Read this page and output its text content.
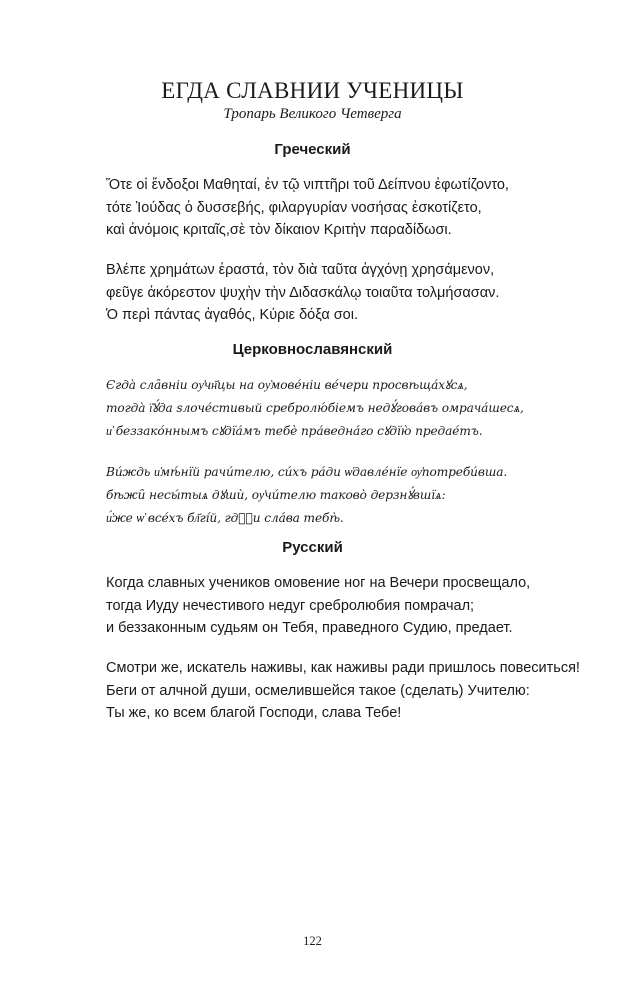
ЕГДА СЛАВНИИ УЧЕНИЦЫ
Тропарь Великого Четверга
Греческий
Ὅτε οἱ ἔνδοξοι Μαθηταί, ἐν τῷ νιπτῆρι τοῦ Δείπνου ἐφωτίζοντο,
τότε Ἰούδας ὁ δυσσεβής, φιλαργυρίαν νοσήσας ἐσκοτίζετο,
καὶ ἀνόμοις κριταῖς,σὲ τὸν δίκαιον Κριτὴν παραδίδωσι.
Βλέπε χρημάτων ἐραστά, τὸν διὰ ταῦτα ἀγχόνῃ χρησάμενον,
φεῦγε ἀκόρεστον ψυχὴν τὴν Διδασκάλῳ τοιαῦτα τολμήσασαν.
Ὁ περὶ πάντας ἀγαθός, Κύριε δόξα σοι.
Церковнославянский
Єгда̀ сла̑вніи оу҆чн҃цы на оу҆мове́ніи ве́чери просвѣща́хꙋсѧ,
тогда̀ ї҆ꙋ́да ѕлоче́стивый сребролю́біемъ недꙋ́гова́въ омрача́шесѧ,
и҆ беззако́ннымъ сꙋдїа́мъ тебѐ пра́ведна́го сꙋдїю̀ предае́тъ.
Ви́ждь и҆мѣ́нїй рачи́телю, си́хъ ра́ди ѡ҆давле́нїе ѹ҆потреби́вша.
бѣжи̑ несы́тыѧ дꙋшѝ, оу҆чи́телю таково̀ дерзнꙋ́вшїѧ:
и҆́же ѡ҆ все́хъ бл҃гі́й, гдⷭ҇и сла́ва тебѣ̀.
Русский
Когда славных учеников омовение ног на Вечери просвещало,
тогда Иуду нечестивого недуг сребролюбия помрачал;
и беззаконным судьям он Тебя, праведного Судию, предает.
Смотри же, искатель наживы, как наживы ради пришлось повеситься!
Беги от алчной души, осмелившейся такое (сделать) Учителю:
Ты же, ко всем благой Господи, слава Тебе!
122
